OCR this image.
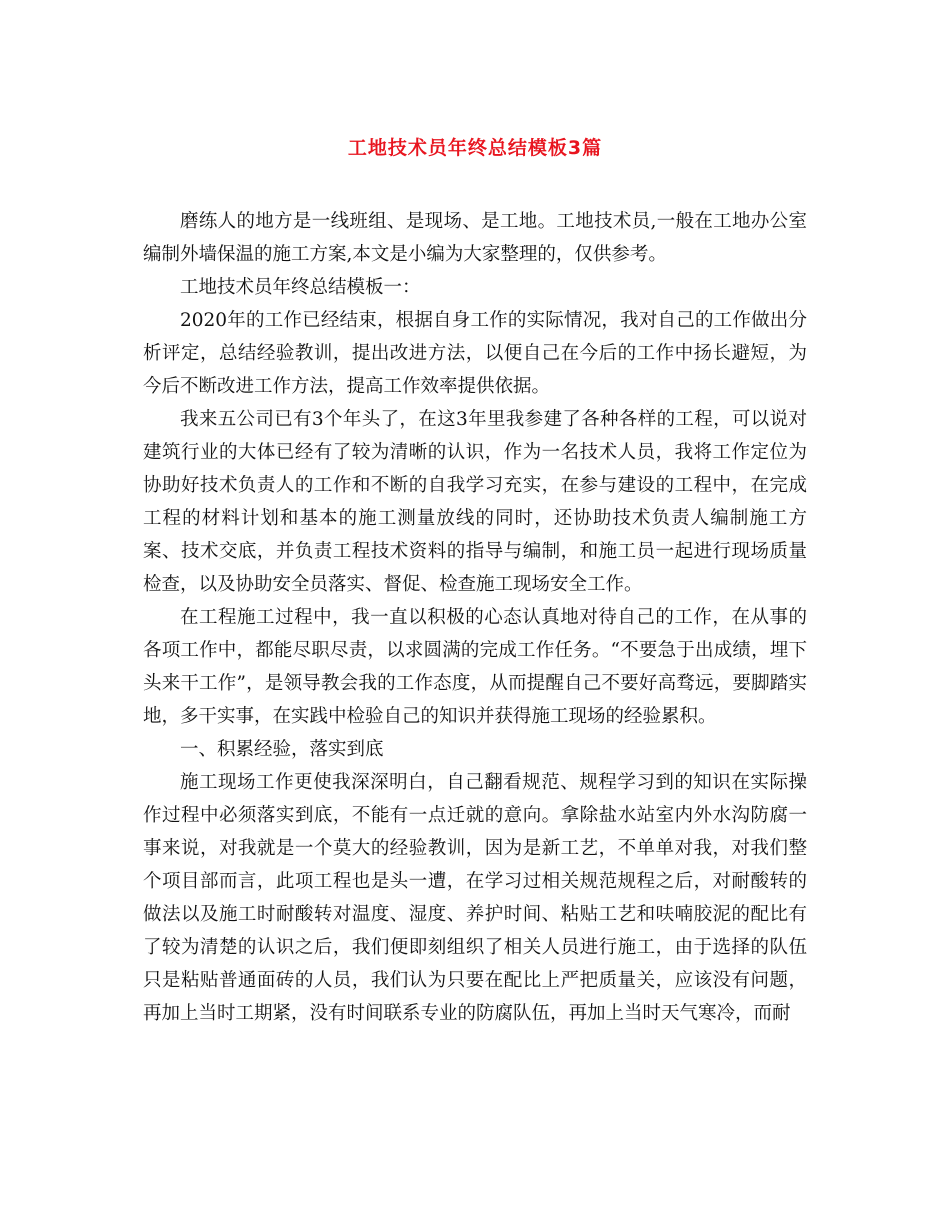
工地技术员年终总结模板3篇

磨练人的地方是一线班组、是现场、是工地。工地技术员,一般在工地办公室编制外墙保温的施工方案,本文是小编为大家整理的，仅供参考。

工地技术员年终总结模板一：

2020年的工作已经结束，根据自身工作的实际情况，我对自己的工作做出分析评定，总结经验教训，提出改进方法，以便自己在今后的工作中扬长避短，为今后不断改进工作方法，提高工作效率提供依据。

我来五公司已有3个年头了，在这3年里我参建了各种各样的工程，可以说对建筑行业的大体已经有了较为清晰的认识，作为一名技术人员，我将工作定位为协助好技术负责人的工作和不断的自我学习充实，在参与建设的工程中，在完成工程的材料计划和基本的施工测量放线的同时，还协助技术负责人编制施工方案、技术交底，并负责工程技术资料的指导与编制，和施工员一起进行现场质量检查，以及协助安全员落实、督促、检查施工现场安全工作。

在工程施工过程中，我一直以积极的心态认真地对待自己的工作，在从事的各项工作中，都能尽职尽责，以求圆满的完成工作任务。“不要急于出成绩，埋下头来干工作”，是领导教会我的工作态度，从而提醒自己不要好高骛远，要脚踏实地，多干实事，在实践中检验自己的知识并获得施工现场的经验累积。

一、积累经验，落实到底

施工现场工作更使我深深明白，自己翻看规范、规程学习到的知识在实际操作过程中必须落实到底，不能有一点迁就的意向。拿除盐水站室内外水沟防腐一事来说，对我就是一个莫大的经验教训，因为是新工艺，不单单对我，对我们整个项目部而言，此项工程也是头一遭，在学习过相关规范规程之后，对耐酸转的做法以及施工时耐酸转对温度、湿度、养护时间、粘贴工艺和呋喃胶泥的配比有了较为清楚的认识之后，我们便即刻组织了相关人员进行施工，由于选择的队伍只是粘贴普通面砖的人员，我们认为只要在配比上严把质量关，应该没有问题，再加上当时工期紧，没有时间联系专业的防腐队伍，再加上当时天气寒冷，而耐
